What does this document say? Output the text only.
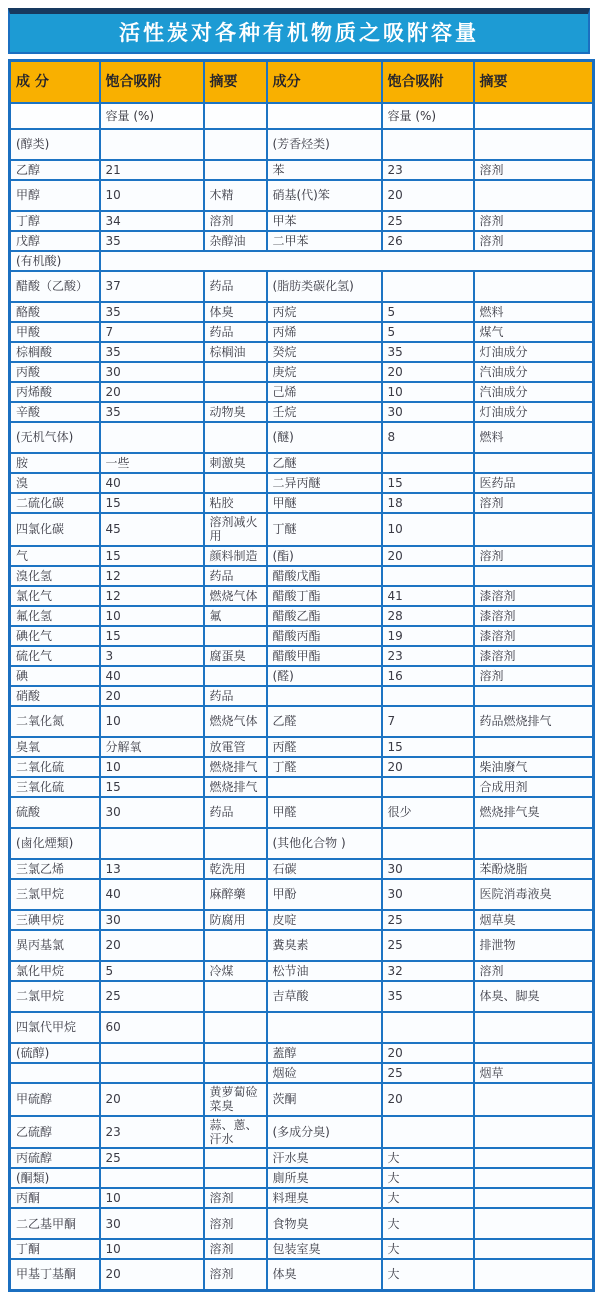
活性炭对各种有机物质之吸附容量
成 分	饱合吸附	摘要	成分	饱合吸附	摘要
	容量 (%)			容量 (%)	
(醇类)			(芳香烃类)		
乙醇	21		苯	23	溶剂
甲醇	10	木精	硝基(代)笨	20	
丁醇	34	溶剂	甲苯	25	溶剂
戊醇	35	杂醇油	二甲苯	26	溶剂
(有机酸)					
醋酸（乙酸）	37	药品	(脂肪类碳化氢)		
酪酸	35	体臭	丙烷	5	燃料
甲酸	7	药品	丙烯	5	煤气
棕榈酸	35	棕榈油	癸烷	35	灯油成分
丙酸	30		庚烷	20	汽油成分
丙烯酸	20		己烯	10	汽油成分
辛酸	35	动物臭	壬烷	30	灯油成分
(无机气体)			(醚)	8	燃料
胺	一些	刺激臭	乙醚		
溴	40		二异丙醚	15	医药品
二硫化碳	15	粘胶	甲醚	18	溶剂
四氯化碳	45	溶剂减火用	丁醚	10	
气	15	颜料制造	(酯)	20	溶剂
溴化氢	12	药品	醋酸戊酯		
氯化气	12	燃烧气体	醋酸丁酯	41	漆溶剂
氟化氢	10	氟	醋酸乙酯	28	漆溶剂
碘化气	15		醋酸丙酯	19	漆溶剂
硫化气	3	腐蛋臭	醋酸甲酯	23	漆溶剂
碘	40		(醛)	16	溶剂
硝酸	20	药品			
二氧化氮	10	燃烧气体	乙醛	7	药品燃烧排气
臭氧	分解氧	放電管	丙醛	15	
二氧化硫	10	燃烧排气	丁醛	20	柴油廢气
三氧化硫	15	燃烧排气			合成用剂
硫酸	30	药品	甲醛	很少	燃烧排气臭
(鹵化煙類)			(其他化合物 )		
三氯乙烯	13	乾洗用	石碳	30	苯酚烧脂
三氯甲烷	40	麻醉藥	甲酚	30	医院消毒液臭
三碘甲烷	30	防腐用	皮啶	25	烟草臭
異丙基氯	20		糞臭素	25	排泄物
氯化甲烷	5	冷煤	松节油	32	溶剂
二氯甲烷	25		吉草酸	35	体臭、脚臭
四氯代甲烷	60				
(硫醇)			蓋醇	20	
			烟硷	25	烟草
甲硫醇	20	黄萝蔔硷菜臭	茨酮	20	
乙硫醇	23	蒜、蔥、汗水	(多成分臭)		
丙硫醇	25		汗水臭	大	
(酮類)			廁所臭	大	
丙酮	10	溶剂	料理臭	大	
二乙基甲酮	30	溶剂	食物臭	大	
丁酮	10	溶剂	包装室臭	大	
甲基丁基酮	20	溶剂	体臭	大	
